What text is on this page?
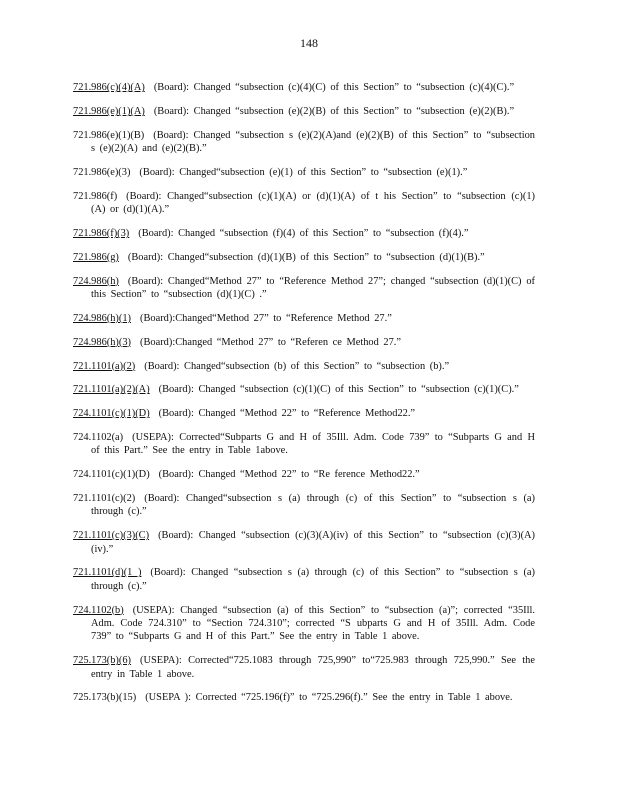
148

721.986(c)(4)(A) (Board): Changed “subsection (c)(4)(C) of this Section” to “subsection (c)(4)(C).”

721.986(e)(1)(A) (Board): Changed “subsection (e)(2)(B) of this Section” to “subsection (e)(2)(B).”

721.986(e)(1)(B) (Board): Changed “subsection s (e)(2)(A)and (e)(2)(B) of this Section” to “subsection s (e)(2)(A) and (e)(2)(B).”

721.986(e)(3) (Board): Changed“subsection (e)(1) of this Section” to “subsection (e)(1).”

721.986(f) (Board): Changed“subsection (c)(1)(A) or (d)(1)(A) of t his Section” to “subsection (c)(1)(A) or (d)(1)(A).”

721.986(f)(3) (Board): Changed “subsection (f)(4) of this Section” to “subsection (f)(4).”

721.986(g) (Board): Changed“subsection (d)(1)(B) of this Section” to “subsection (d)(1)(B).”

724.986(h) (Board): Changed“Method 27” to “Reference Method 27”; changed “subsection (d)(1)(C) of this Section” to “subsection (d)(1)(C) .”

724.986(h)(1) (Board):Changed“Method 27” to “Reference Method 27.”

724.986(h)(3) (Board):Changed “Method 27” to “Referen ce Method 27.”

721.1101(a)(2) (Board): Changed“subsection (b) of this Section” to “subsection (b).”

721.1101(a)(2)(A) (Board): Changed “subsection (c)(1)(C) of this Section” to “subsection (c)(1)(C).”

724.1101(c)(1)(D) (Board): Changed “Method 22” to “Reference Method22.”

724.1102(a) (USEPA): Corrected“Subparts G and H of 35Ill. Adm. Code 739” to “Subparts G and H of this Part.” See the entry in Table 1above.

724.1101(c)(1)(D) (Board): Changed “Method 22” to “Re ference Method22.”

721.1101(c)(2) (Board): Changed“subsection s (a) through (c) of this Section” to “subsection s (a) through (c).”

721.1101(c)(3)(C) (Board): Changed “subsection (c)(3)(A)(iv) of this Section” to “subsection (c)(3)(A)(iv).”

721.1101(d)(1 ) (Board): Changed “subsection s (a) through (c) of this Section” to “subsection s (a) through (c).”

724.1102(b) (USEPA): Changed “subsection (a) of this Section” to “subsection (a)”; corrected “35Ill. Adm. Code 724.310” to “Section 724.310”; corrected “S ubparts G and H of 35Ill. Adm. Code 739” to “Subparts G and H of this Part.” See the entry in Table 1 above.

725.173(b)(6) (USEPA): Corrected“725.1083 through 725,990” to“725.983 through 725,990.” See the entry in Table 1 above.

725.173(b)(15) (USEPA ): Corrected “725.196(f)” to “725.296(f).” See the entry in Table 1 above.
